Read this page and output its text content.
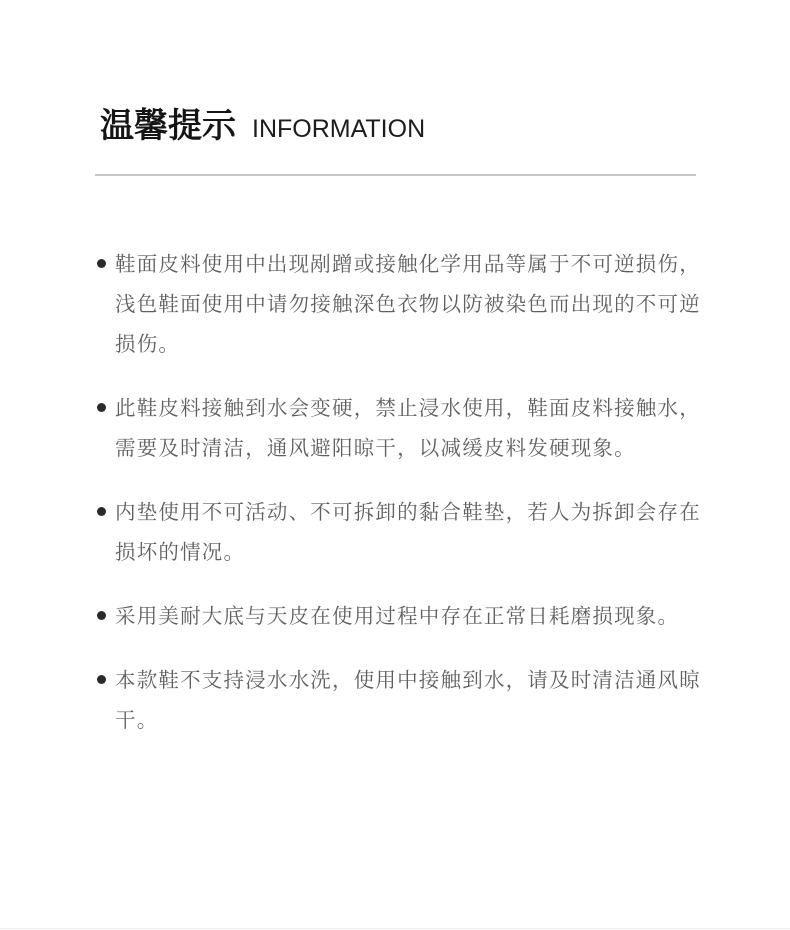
温馨提示 INFORMATION
鞋面皮料使用中出现剐蹭或接触化学用品等属于不可逆损伤，浅色鞋面使用中请勿接触深色衣物以防被染色而出现的不可逆损伤。
此鞋皮料接触到水会变硬，禁止浸水使用，鞋面皮料接触水，需要及时清洁，通风避阳晾干，以减缓皮料发硬现象。
内垫使用不可活动、不可拆卸的黏合鞋垫，若人为拆卸会存在损坏的情况。
采用美耐大底与天皮在使用过程中存在正常日耗磨损现象。
本款鞋不支持浸水水洗，使用中接触到水，请及时清洁通风晾干。
